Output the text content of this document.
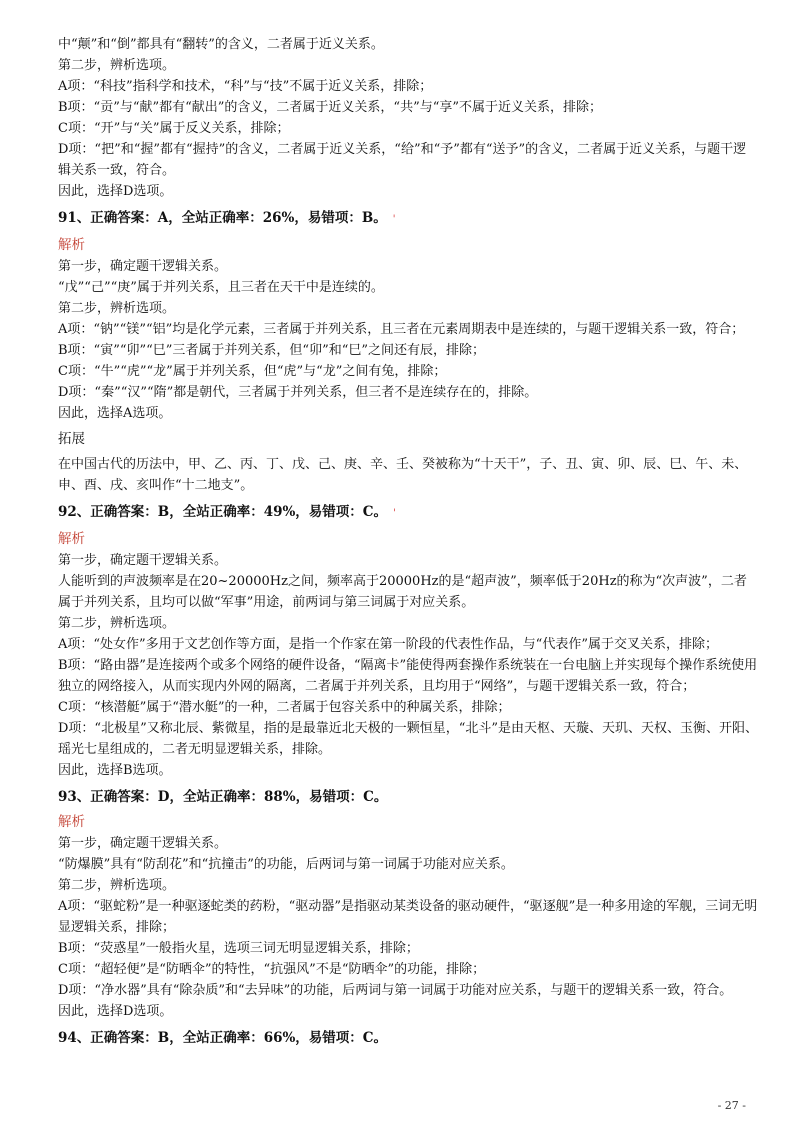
中“颠”和“倒”都具有“翻转”的含义，二者属于近义关系。
第二步，辨析选项。
A项：“科技”指科学和技术，“科”与“技”不属于近义关系，排除；
B项：“贡”与“献”都有“献出”的含义，二者属于近义关系，“共”与“享”不属于近义关系，排除；
C项：“开”与“关”属于反义关系，排除；
D项：“把”和“握”都有“握持”的含义，二者属于近义关系，“给”和“予”都有“送予”的含义，二者属于近义关系，与题干逻辑关系一致，符合。
因此，选择D选项。
91、正确答案：A，全站正确率：26%，易错项：B。 '
解析
第一步，确定题干逻辑关系。
“戊”“己”“庚”属于并列关系，且三者在天干中是连续的。
第二步，辨析选项。
A项：“钠”“镁”“铝”均是化学元素，三者属于并列关系，且三者在元素周期表中是连续的，与题干逻辑关系一致，符合；
B项：“寅”“卯”“巳”三者属于并列关系，但“卯”和“巳”之间还有辰，排除；
C项：“牛”“虎”“龙”属于并列关系，但“虎”与“龙”之间有兔，排除；
D项：“秦”“汉”“隋”都是朝代，三者属于并列关系，但三者不是连续存在的，排除。
因此，选择A选项。
拓展
在中国古代的历法中，甲、乙、丙、丁、戊、己、庚、辛、壬、癸被称为“十天干”，子、丑、寅、卯、辰、巳、午、未、申、酉、戌、亥叫作“十二地支”。
92、正确答案：B，全站正确率：49%，易错项：C。 '
解析
第一步，确定题干逻辑关系。
人能听到的声波频率是在20~20000Hz之间，频率高于20000Hz的是“超声波”，频率低于20Hz的称为“次声波”，二者属于并列关系，且均可以做“军事”用途，前两词与第三词属于对应关系。
第二步，辨析选项。
A项：“处女作”多用于文艺创作等方面，是指一个作家在第一阶段的代表性作品，与“代表作”属于交叉关系，排除；
B项：“路由器”是连接两个或多个网络的硬件设备，“隔离卡”能使得两套操作系统装在一台电脑上并实现每个操作系统使用独立的网络接入，从而实现内外网的隔离，二者属于并列关系，且均用于“网络”，与题干逻辑关系一致，符合；
C项：“核潜艇”属于“潜水艇”的一种，二者属于包容关系中的种属关系，排除；
D项：“北极星”又称北辰、紫微星，指的是最靠近北天极的一颗恒星，“北斗”是由天枢、天璇、天玑、天权、玉衡、开阳、瑶光七星组成的，二者无明显逻辑关系，排除。
因此，选择B选项。
93、正确答案：D，全站正确率：88%，易错项：C。
解析
第一步，确定题干逻辑关系。
“防爆膜”具有“防刮花”和“抗撞击”的功能，后两词与第一词属于功能对应关系。
第二步，辨析选项。
A项：“驱蛇粉”是一种驱逐蛇类的药粉，“驱动器”是指驱动某类设备的驱动硬件，“驱逐舰”是一种多用途的军舰，三词无明显逻辑关系，排除；
B项：“荧惑星”一般指火星，选项三词无明显逻辑关系，排除；
C项：“超轻便”是“防晒伞”的特性，“抗强风”不是“防晒伞”的功能，排除；
D项：“净水器”具有“除杂质”和“去异味”的功能，后两词与第一词属于功能对应关系，与题干的逻辑关系一致，符合。
因此，选择D选项。
94、正确答案：B，全站正确率：66%，易错项：C。
- 27 -
